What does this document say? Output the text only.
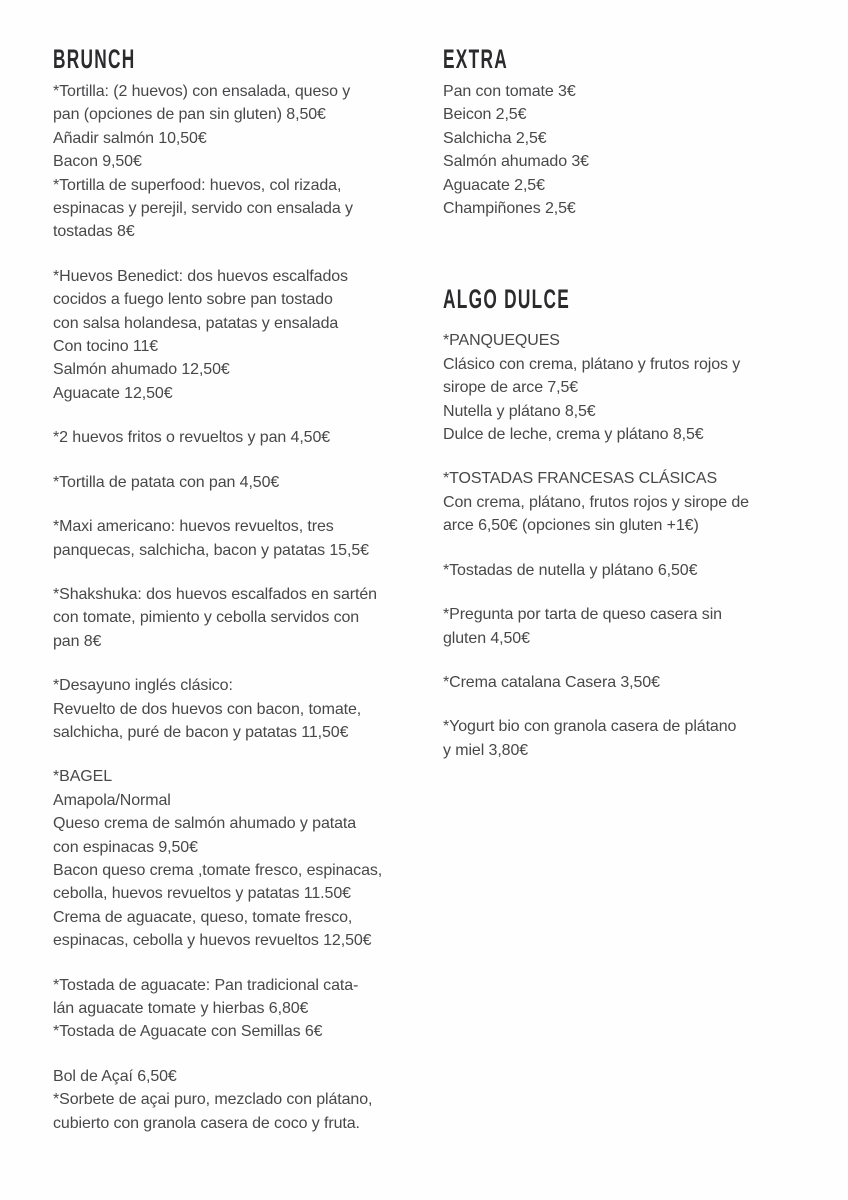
BRUNCH
*Tortilla: (2 huevos) con ensalada, queso y
pan (opciones de pan sin gluten) 8,50€
Añadir salmón 10,50€
Bacon 9,50€
*Tortilla de superfood: huevos, col rizada,
espinacas y perejil, servido con ensalada y
tostadas 8€
*Huevos Benedict: dos huevos escalfados
cocidos a fuego lento sobre pan tostado
con salsa holandesa, patatas y ensalada
Con tocino 11€
Salmón ahumado 12,50€
Aguacate 12,50€
*2 huevos fritos o revueltos y pan 4,50€
*Tortilla de patata con pan 4,50€
*Maxi americano: huevos revueltos, tres
panquecas, salchicha, bacon y patatas 15,5€
*Shakshuka: dos huevos escalfados en sartén
con tomate, pimiento y cebolla servidos con
pan 8€
*Desayuno inglés clásico:
Revuelto de dos huevos con bacon, tomate,
salchicha, puré de bacon y patatas 11,50€
*BAGEL
Amapola/Normal
Queso crema de salmón ahumado y patata
con espinacas 9,50€
Bacon queso crema ,tomate fresco, espinacas,
cebolla, huevos revueltos y patatas 11.50€
Crema de aguacate, queso, tomate fresco,
espinacas, cebolla y huevos revueltos 12,50€
*Tostada de aguacate: Pan tradicional cata-
lán aguacate tomate y hierbas 6,80€
*Tostada de Aguacate con Semillas 6€
Bol de Açaí 6,50€
*Sorbete de açai puro, mezclado con plátano,
cubierto con granola casera de coco y fruta.
EXTRA
Pan con tomate 3€
Beicon 2,5€
Salchicha 2,5€
Salmón ahumado 3€
Aguacate 2,5€
Champiñones 2,5€
ALGO DULCE
*PANQUEQUES
Clásico con crema, plátano y frutos rojos y
sirope de arce 7,5€
Nutella y plátano 8,5€
Dulce de leche, crema y plátano 8,5€
*TOSTADAS FRANCESAS CLÁSICAS
Con crema, plátano, frutos rojos y sirope de
arce 6,50€ (opciones sin gluten +1€)
*Tostadas de nutella y plátano 6,50€
*Pregunta por tarta de queso casera sin
gluten 4,50€
*Crema catalana Casera 3,50€
*Yogurt bio con granola casera de plátano
y miel 3,80€
